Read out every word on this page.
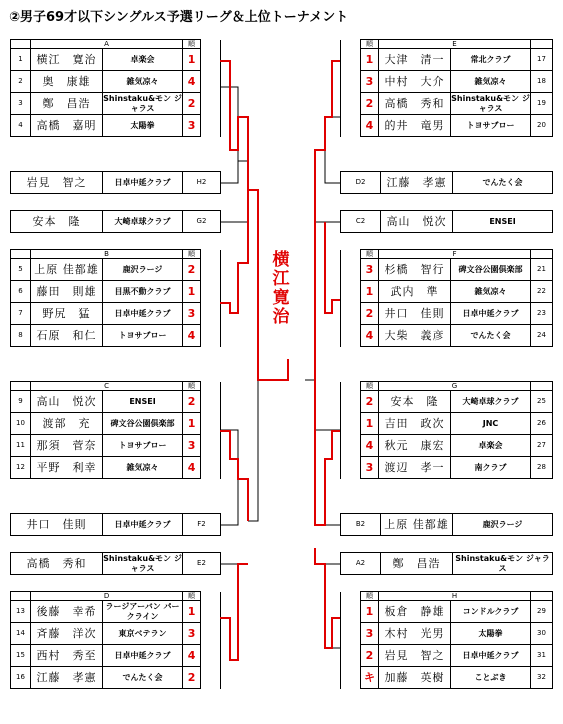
②男子69才以下シングルス予選リーグ＆上位トーナメント
	A		順	
1	横江　寛治	卓楽会	1	
2	奥　康雄	雑気凉々	4	
3	鄭　昌浩	Shinstaku&モン ジャラス	2	
4	高橋　嘉明	太陽拳	3	
	B		順	
5	上原 佳都雄	鹿沢ラージ	2	
6	藤田　則雄	目黒不動クラブ	1	
7	野尻　猛	日卓中延クラブ	3	
8	石原　和仁	トヨサブロー	4	
	C		順	
9	高山　悦次	ENSEI	2	
10	渡部　充	碑文谷公園倶楽部	1	
11	那須　菅奈	トヨサブロー	3	
12	平野　利幸	雑気凉々	4	
	D		順	
13	後藤　幸希	ラージアーバン パークライン	1	
14	斉藤　洋次	東京ベテラン	3	
15	西村　秀至	日卓中延クラブ	4	
16	江藤　孝憲	でんたく会	2	
	順	E		
	1	大津　清一	常北クラブ	17
	3	中村　大介	雑気凉々	18
	2	高橋　秀和	Shinstaku&モン ジャラス	19
	4	的井　竜男	トヨサブロー	20
	順	F		
	3	杉橋　智行	碑文谷公園倶楽部	21
	1	武内　準	雑気凉々	22
	2	井口　佳則	日卓中延クラブ	23
	4	大柴　義彦	でんたく会	24
	順	G		
	2	安本　隆	大崎卓球クラブ	25
	1	吉田　政次	JNC	26
	4	秋元　康宏	卓楽会	27
	3	渡辺　孝一	南クラブ	28
	順	H		
	1	板倉　静雄	コンドルクラブ	29
	3	木村　光男	太陽拳	30
	2	岩見　智之	日卓中延クラブ	31
	キ	加藤　英樹	ことぶき	32
岩見　智之	日卓中延クラブ	H2
安本　隆	大崎卓球クラブ	G2
井口　佳則	日卓中延クラブ	F2
高橋　秀和	Shinstaku&モン ジャラス	E2
D2	江藤　孝憲	でんたく会
C2	高山　悦次	ENSEI
B2	上原 佳都雄	鹿沢ラージ
A2	鄭　昌浩	Shinstaku&モン ジャラス
横
江
寛
治
